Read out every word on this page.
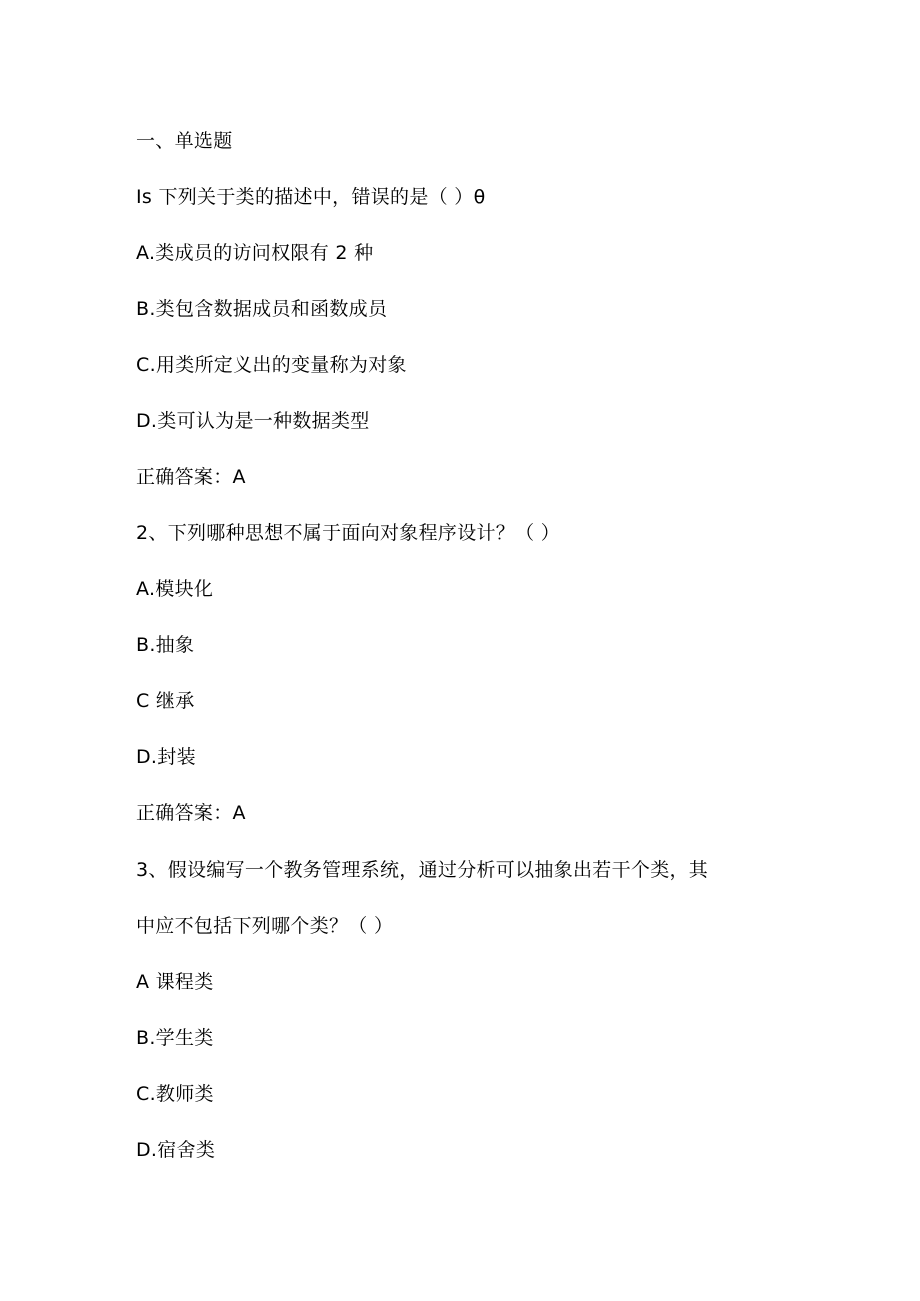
一、单选题
Is 下列关于类的描述中，错误的是（ ）θ
A.类成员的访问权限有 2 种
B.类包含数据成员和函数成员
C.用类所定义出的变量称为对象
D.类可认为是一种数据类型
正确答案：A
2、下列哪种思想不属于面向对象程序设计？（ ）
A.模块化
B.抽象
C 继承
D.封装
正确答案：A
3、假设编写一个教务管理系统，通过分析可以抽象出若干个类，其
中应不包括下列哪个类？（ ）
A 课程类
B.学生类
C.教师类
D.宿舍类
